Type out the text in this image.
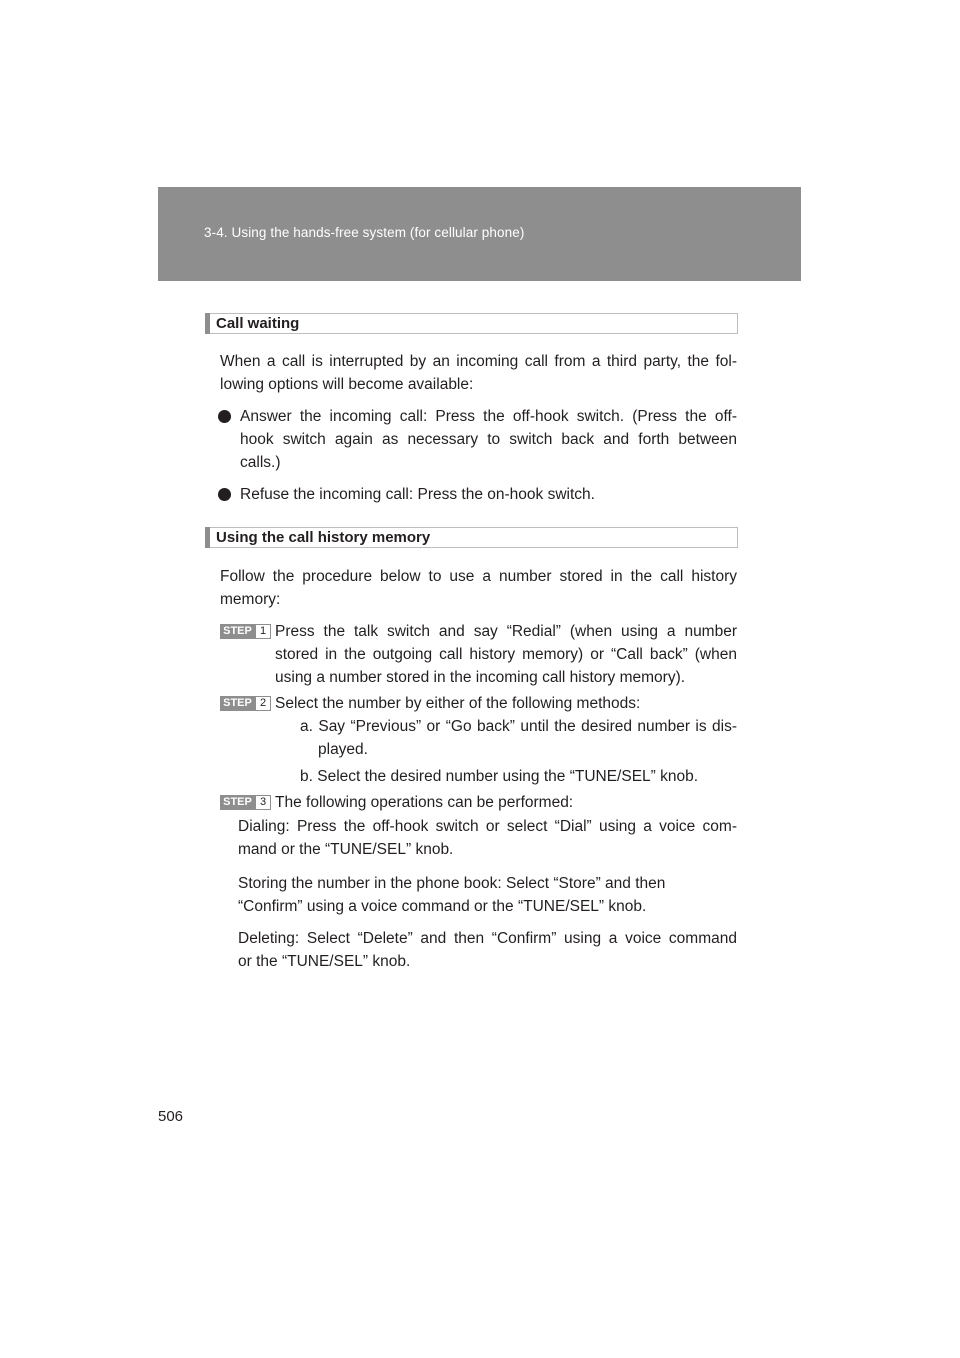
3-4. Using the hands-free system (for cellular phone)
Call waiting
When a call is interrupted by an incoming call from a third party, the fol-
lowing options will become available:
Answer the incoming call: Press the off-hook switch. (Press the off-
hook switch again as necessary to switch back and forth between
calls.)
Refuse the incoming call: Press the on-hook switch.
Using the call history memory
Follow the procedure below to use a number stored in the call history
memory:
STEP 1 Press the talk switch and say “Redial” (when using a number
stored in the outgoing call history memory) or “Call back” (when
using a number stored in the incoming call history memory).
STEP 2 Select the number by either of the following methods:
a. Say “Previous” or “Go back” until the desired number is dis-
played.
b. Select the desired number using the “TUNE/SEL” knob.
STEP 3 The following operations can be performed:
Dialing: Press the off-hook switch or select “Dial” using a voice com-
mand or the “TUNE/SEL” knob.
Storing the number in the phone book: Select “Store” and then
“Confirm” using a voice command or the “TUNE/SEL” knob.
Deleting: Select “Delete” and then “Confirm” using a voice command
or the “TUNE/SEL” knob.
506
